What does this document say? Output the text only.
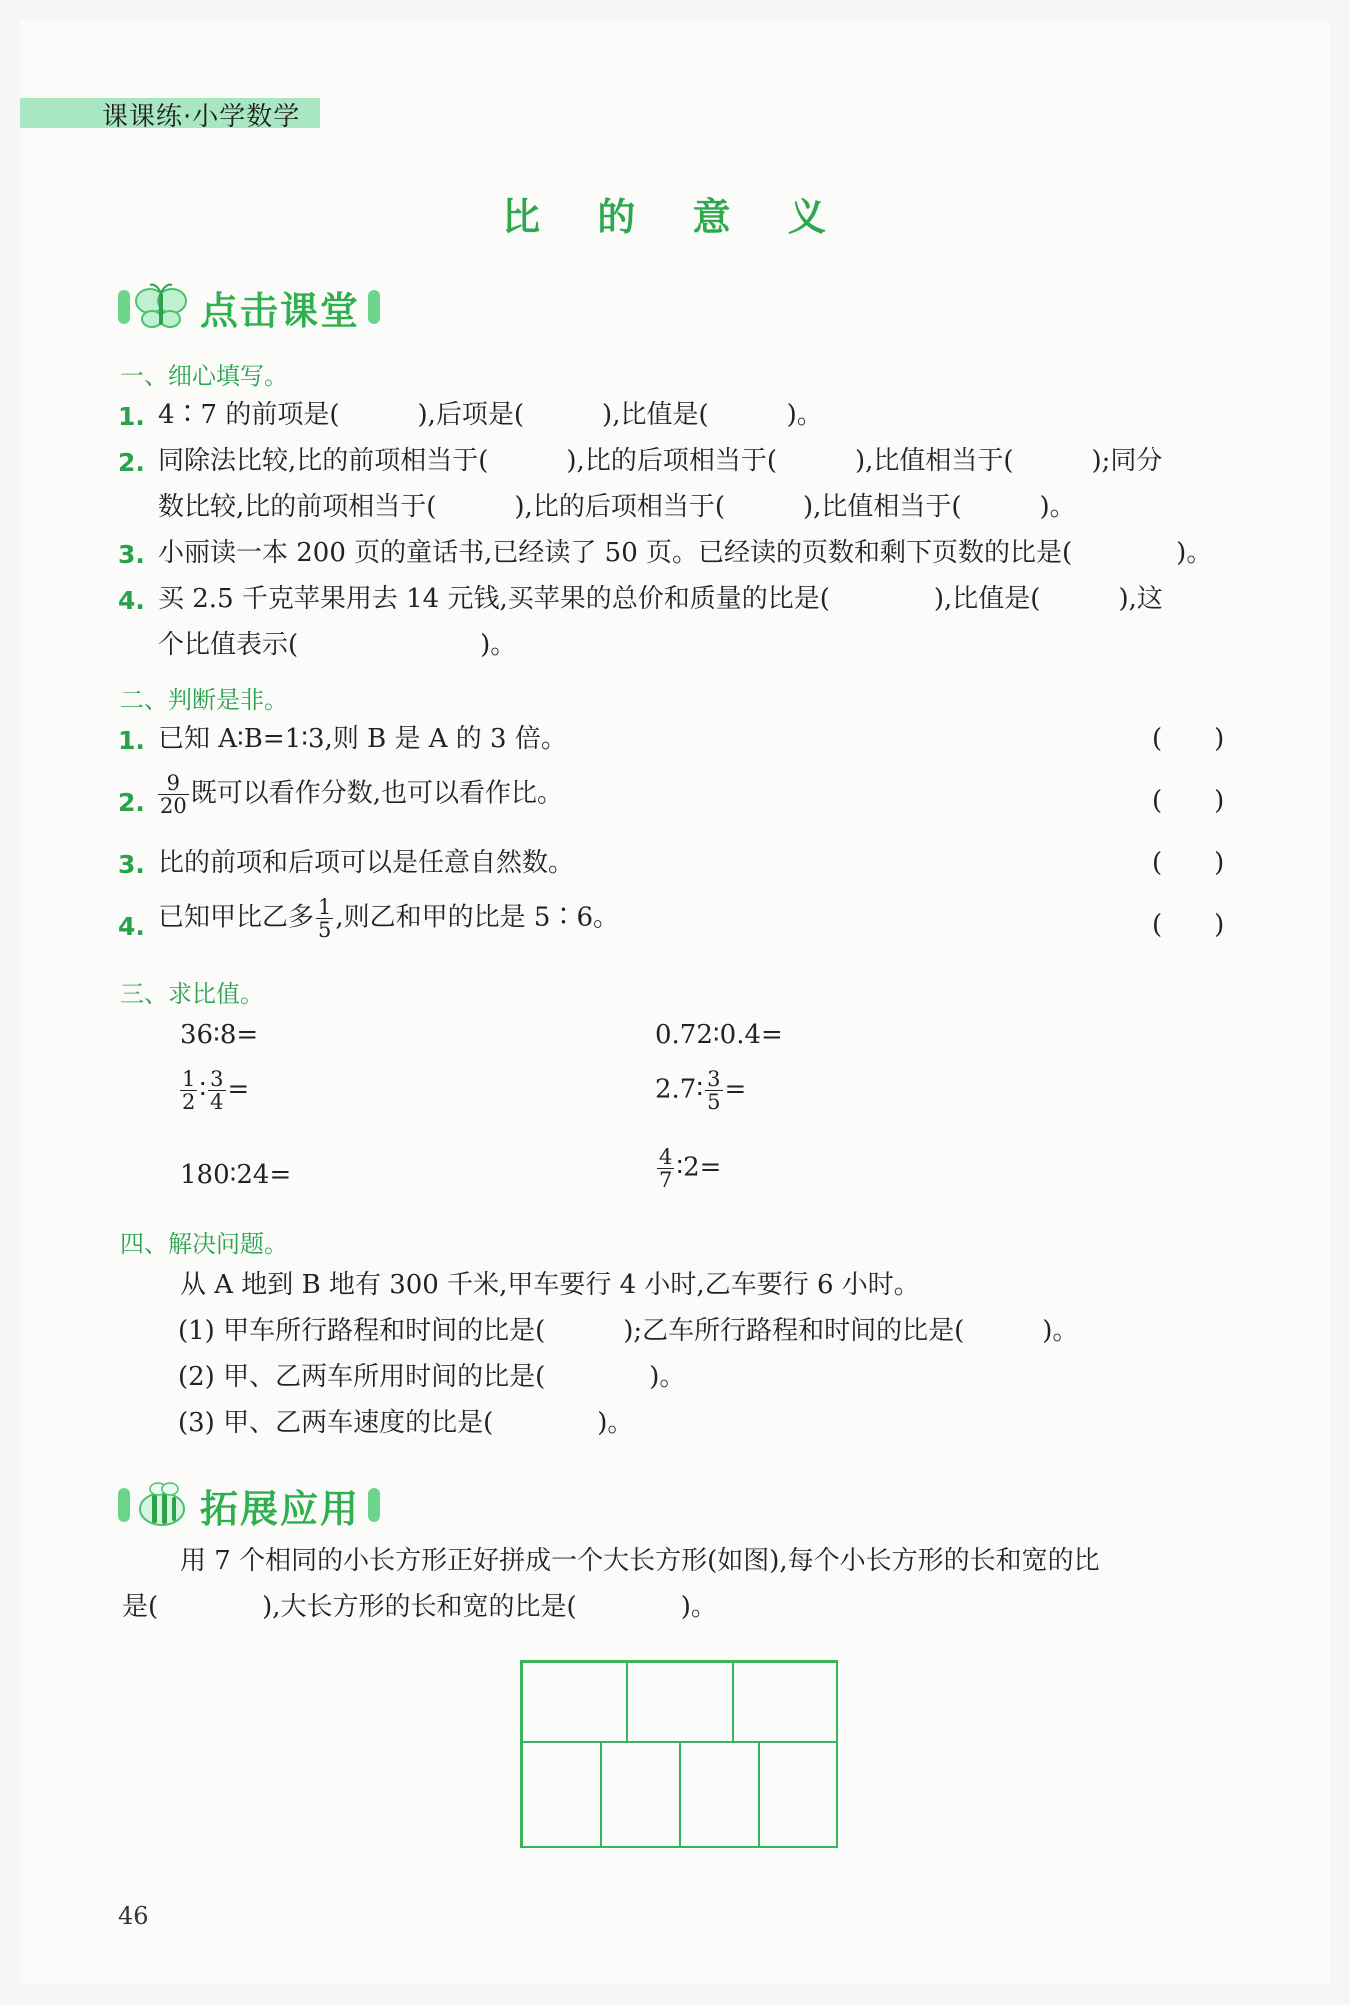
课课练·小学数学
比 的 意 义
点击课堂
一、细心填写。
1. 4∶7 的前项是(　　　),后项是(　　　),比值是(　　　)。
2. 同除法比较,比的前项相当于(　　　),比的后项相当于(　　　),比值相当于(　　　);同分
数比较,比的前项相当于(　　　),比的后项相当于(　　　),比值相当于(　　　)。
3. 小丽读一本 200 页的童话书,已经读了 50 页。已经读的页数和剩下页数的比是(　　　　)。
4. 买 2.5 千克苹果用去 14 元钱,买苹果的总价和质量的比是(　　　　),比值是(　　　),这
个比值表示(　　　　　　　)。
二、判断是非。
1. 已知 A∶B=1∶3,则 B 是 A 的 3 倍。	(　　)
2. $\frac{9}{20}$ 既可以看作分数,也可以看作比。	(　　)
3. 比的前项和后项可以是任意自然数。	(　　)
4. 已知甲比乙多 $\frac{1}{5}$ ,则乙和甲的比是 5∶6。	(　　)
三、求比值。
36∶8=	0.72∶0.4=
$\frac{1}{2}$ ∶ $\frac{3}{4}$ =	2.7∶ $\frac{3}{5}$ =
180∶24=	$\frac{4}{7}$ ∶2=
四、解决问题。
从 A 地到 B 地有 300 千米,甲车要行 4 小时,乙车要行 6 小时。
(1) 甲车所行路程和时间的比是(　　　);乙车所行路程和时间的比是(　　　)。
(2) 甲、乙两车所用时间的比是(　　　　)。
(3) 甲、乙两车速度的比是(　　　　)。
拓展应用
用 7 个相同的小长方形正好拼成一个大长方形(如图),每个小长方形的长和宽的比
是(　　　　),大长方形的长和宽的比是(　　　　)。
46
